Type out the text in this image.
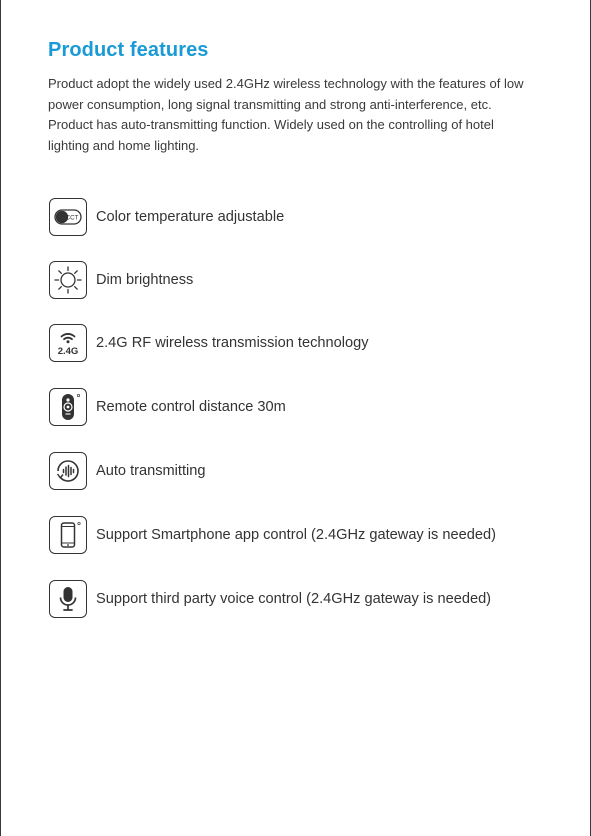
Product features
Product adopt the widely used 2.4GHz wireless technology with the features of low
power consumption, long signal transmitting and strong anti-interference, etc.
Product has auto-transmitting function. Widely used on the controlling of hotel
lighting and home lighting.
CCT Color temperature adjustable
Dim brightness
2.4G
2.4G RF wireless transmission technology
Remote control distance 30m
Auto transmitting
Support Smartphone app control (2.4GHz gateway is needed)
Support third party voice control (2.4GHz gateway is needed)
